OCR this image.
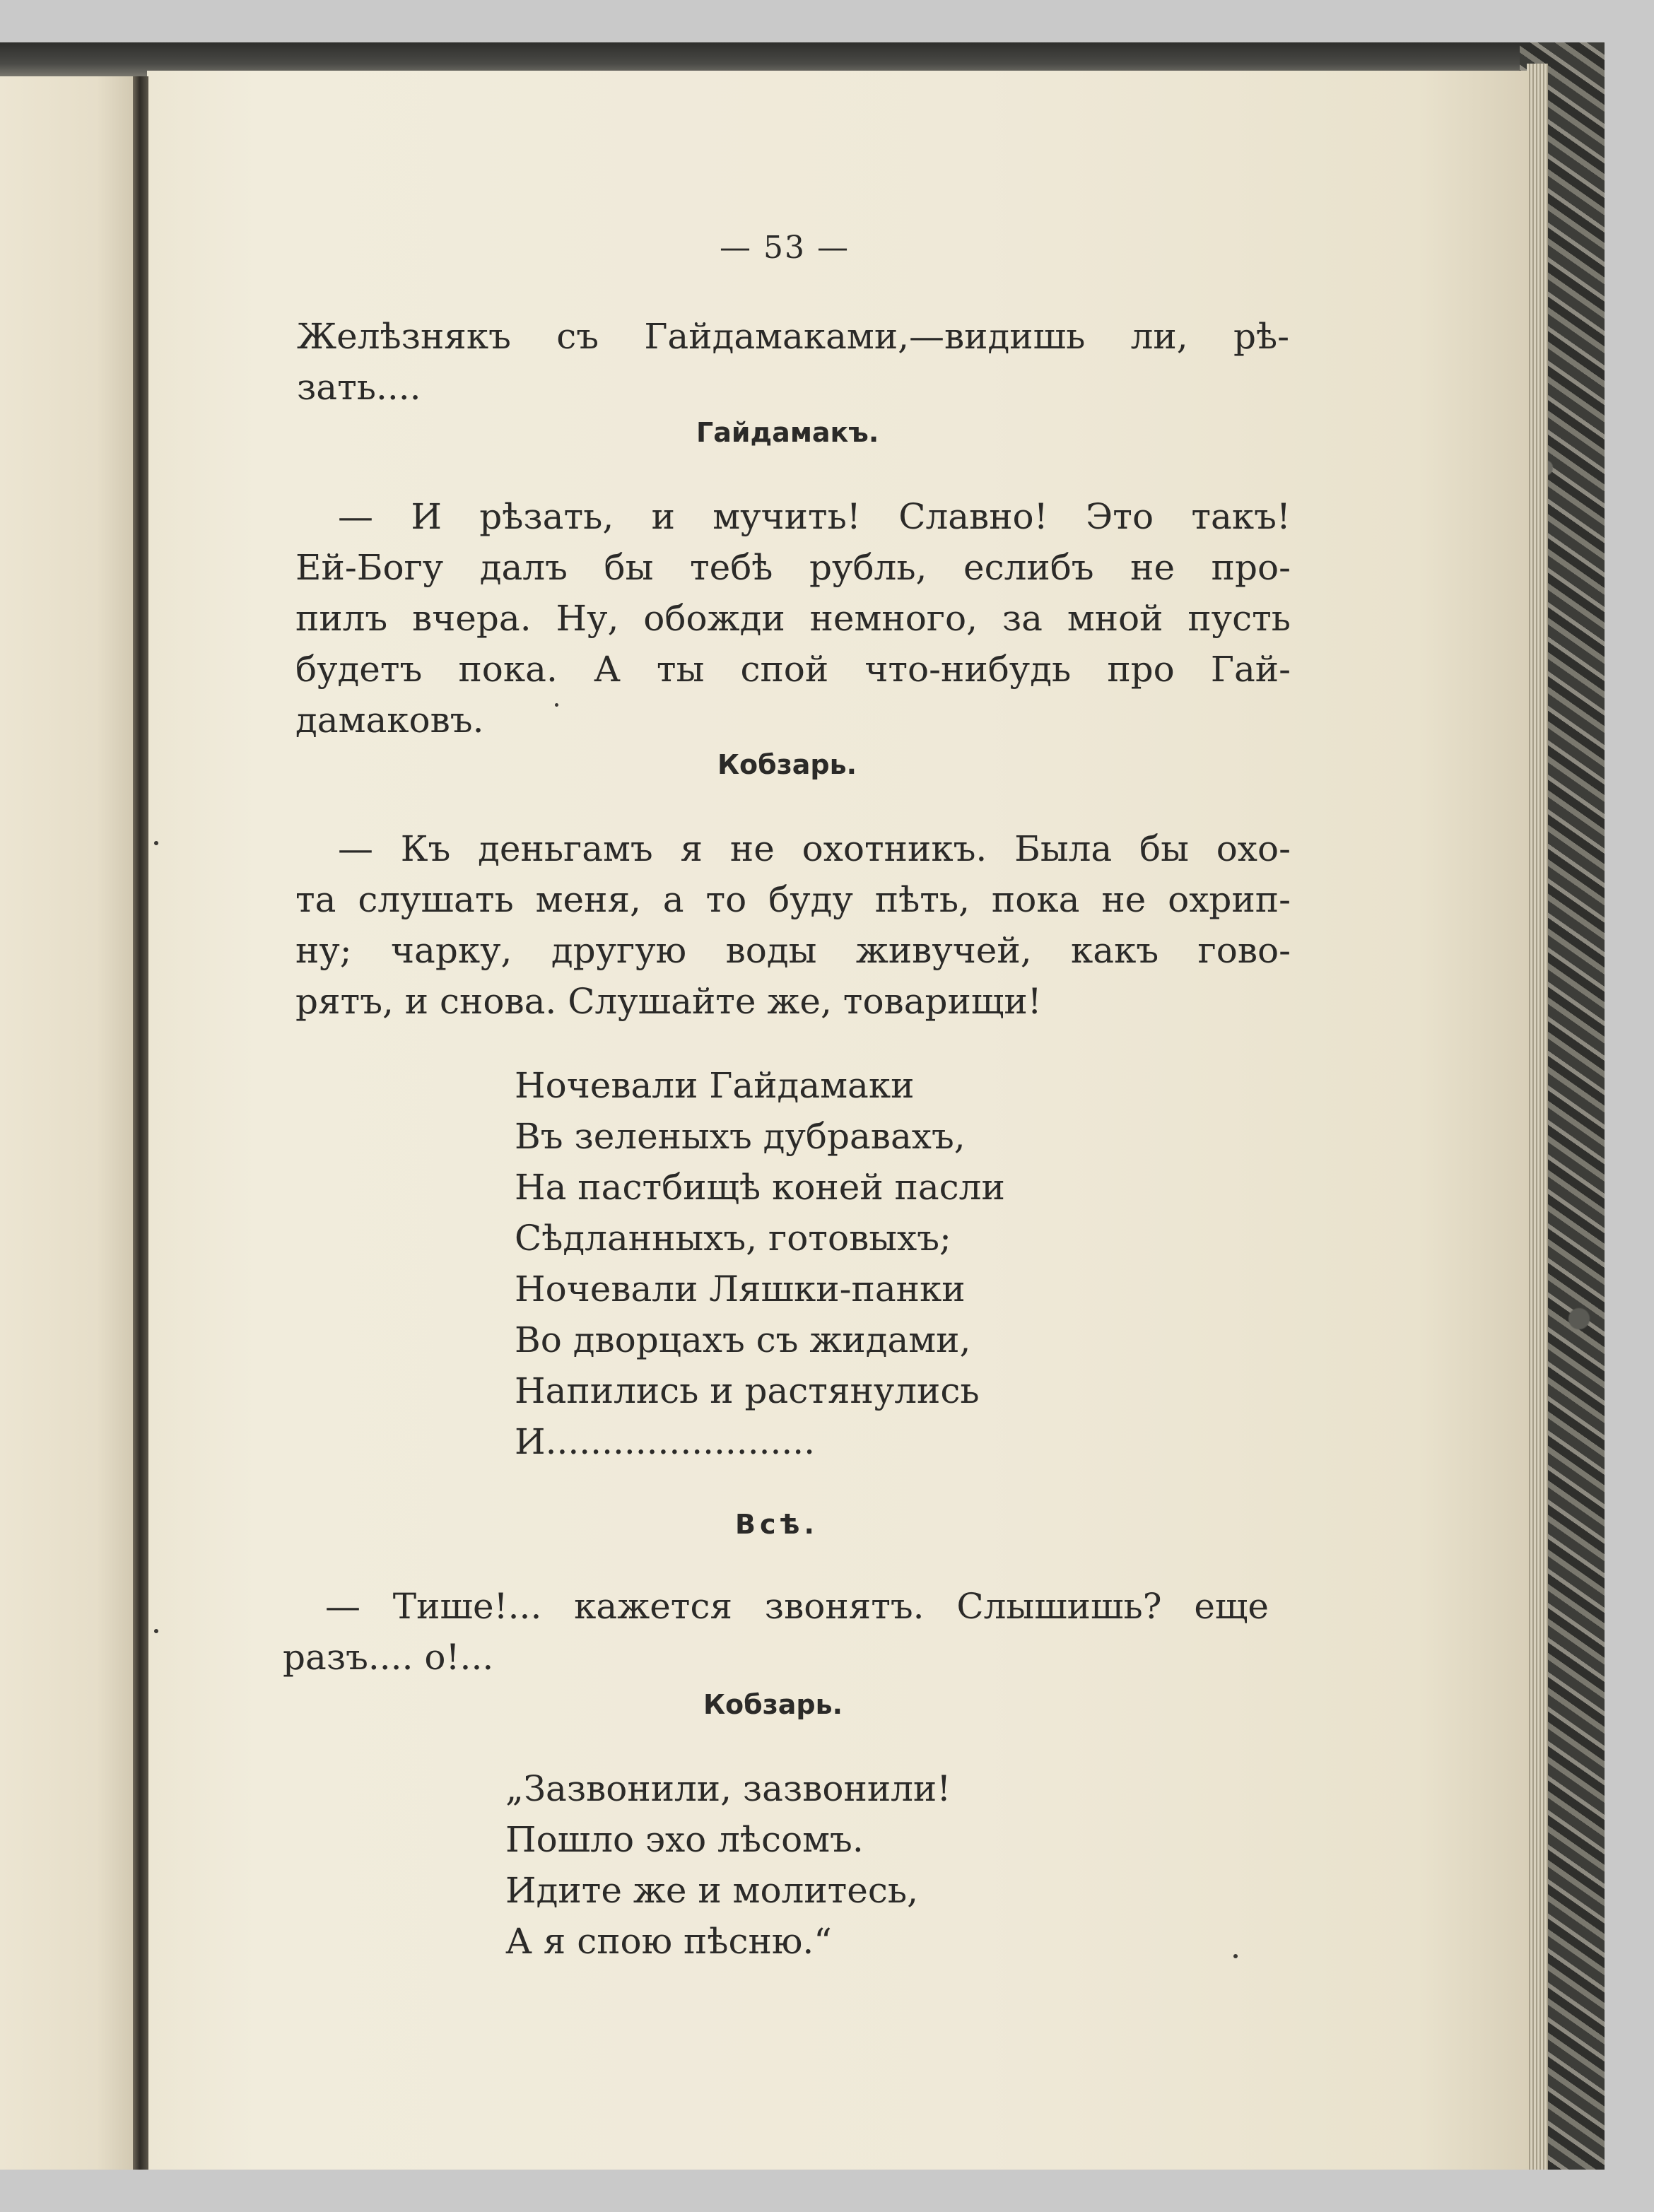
— 53 —
Желѣзнякъ съ Гайдамаками,—видишь ли, рѣ-
зать....
Гайдамакъ.
— И рѣзать, и мучить! Славно! Это такъ!
Ей-Богу далъ бы тебѣ рубль, еслибъ не про-
пилъ вчера. Ну, обожди немного, за мной пусть
будетъ пока. А ты спой что-нибудь про Гай-
дамаковъ.
Кобзарь.
— Къ деньгамъ я не охотникъ. Была бы охо-
та слушать меня, а то буду пѣть, пока не охрип-
ну; чарку, другую воды живучей, какъ гово-
рятъ, и снова. Слушайте же, товарищи!
Ночевали Гайдамаки
Въ зеленыхъ дубравахъ,
На пастбищѣ коней пасли
Сѣдланныхъ, готовыхъ;
Ночевали Ляшки-панки
Во дворцахъ съ жидами,
Напились и растянулись
И........................
Всѣ.
— Тише!... кажется звонятъ. Слышишь? еще
разъ.... о!...
Кобзарь.
„Зазвонили, зазвонили!
Пошло эхо лѣсомъ.
Идите же и молитесь,
А я спою пѣсню.“
